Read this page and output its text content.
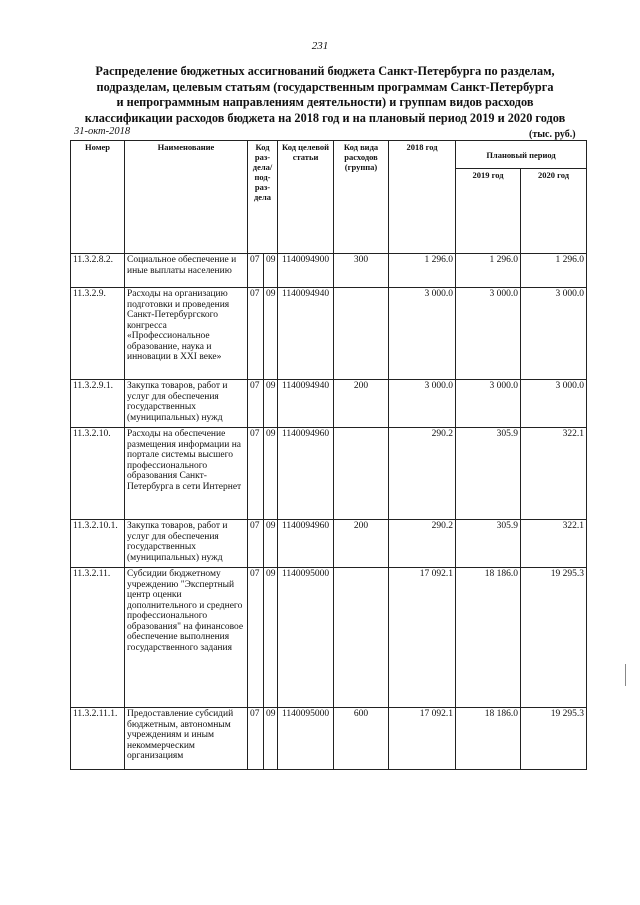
231
Распределение бюджетных ассигнований бюджета Санкт-Петербурга по разделам,
подразделам, целевым статьям (государственным программам Санкт-Петербурга
и непрограммным направлениям деятельности) и группам видов расходов
классификации расходов бюджета на 2018 год и на плановый период 2019 и 2020 годов
31-окт-2018	(тыс. руб.)
Номер	Наименование	Код раз-дела/ под-раз-дела		Код целевой статьи	Код вида расходов (группа)	2018 год	Плановый период	
							2019 год	2020 год
11.3.2.8.2.	Социальное обеспечение и иные выплаты населению	07	09	1140094900	300	1 296.0	1 296.0	1 296.0
11.3.2.9.	Расходы на организацию подготовки и проведения Санкт-Петербургского конгресса «Профессиональное образование, наука и инновации в XXI веке»	07	09	1140094940		3 000.0	3 000.0	3 000.0
11.3.2.9.1.	Закупка товаров, работ и услуг для обеспечения государственных (муниципальных) нужд	07	09	1140094940	200	3 000.0	3 000.0	3 000.0
11.3.2.10.	Расходы на обеспечение размещения информации на портале системы высшего профессионального образования Санкт-Петербурга в сети Интернет	07	09	1140094960		290.2	305.9	322.1
11.3.2.10.1.	Закупка товаров, работ и услуг для обеспечения государственных (муниципальных) нужд	07	09	1140094960	200	290.2	305.9	322.1
11.3.2.11.	Субсидии бюджетному учреждению "Экспертный центр оценки дополнительного и среднего профессионального образования" на финансовое обеспечение выполнения государственного задания	07	09	1140095000		17 092.1	18 186.0	19 295.3
11.3.2.11.1.	Предоставление субсидий бюджетным, автономным учреждениям и иным некоммерческим организациям	07	09	1140095000	600	17 092.1	18 186.0	19 295.3
